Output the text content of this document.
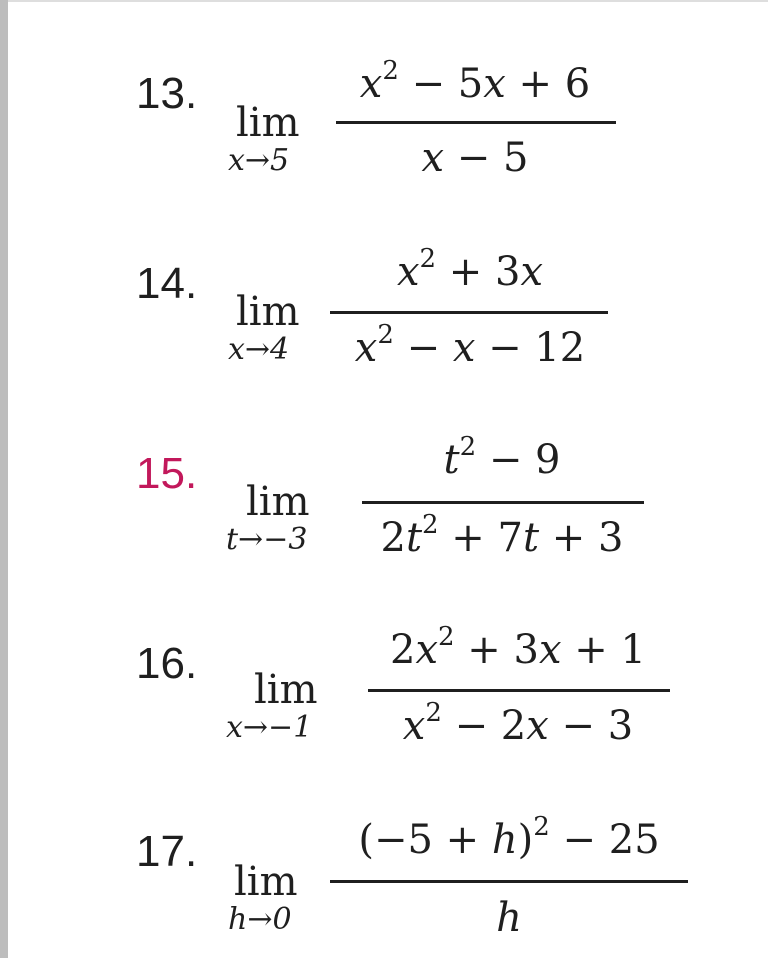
13.
lim
x→5
$x^2 - 5x + 6$
x − 5
14.
lim
x→4
$x^2 + 3x$
$x^2 - x - 12$
15.
lim
t→−3
$t^2 - 9$
$2t^2 + 7t + 3$
16.
lim
x→−1
$2x^2 + 3x + 1$
$x^2 - 2x - 3$
17.
lim
h→0
$(-5 + h)^2 - 25$
h
